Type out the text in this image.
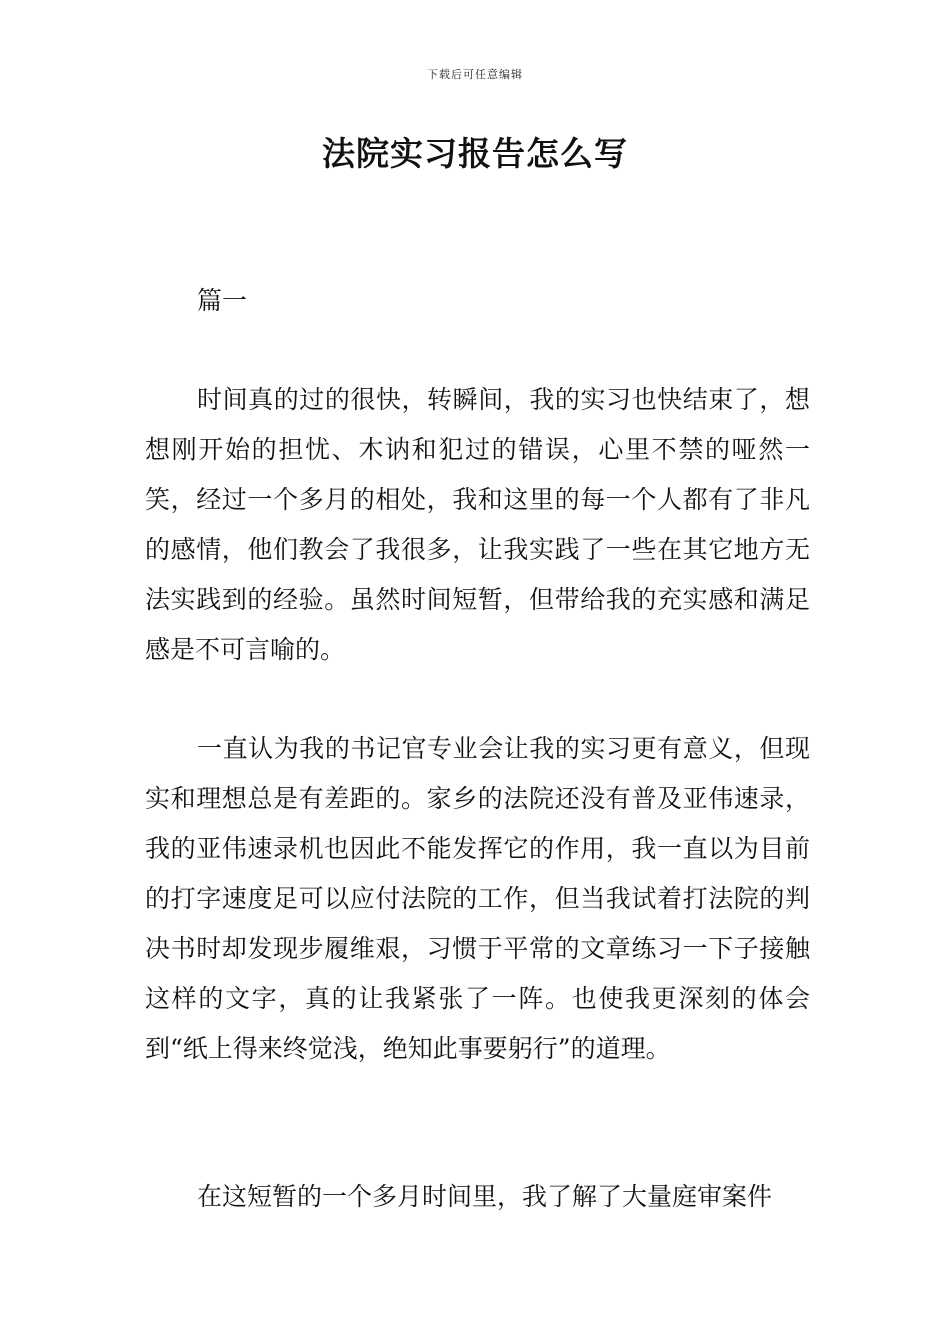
下载后可任意编辑
法院实习报告怎么写

篇一

时间真的过的很快，转瞬间，我的实习也快结束了，想想刚开始的担忧、木讷和犯过的错误，心里不禁的哑然一笑，经过一个多月的相处，我和这里的每一个人都有了非凡的感情，他们教会了我很多，让我实践了一些在其它地方无法实践到的经验。虽然时间短暂，但带给我的充实感和满足感是不可言喻的。

一直认为我的书记官专业会让我的实习更有意义，但现实和理想总是有差距的。家乡的法院还没有普及亚伟速录，我的亚伟速录机也因此不能发挥它的作用，我一直以为目前的打字速度足可以应付法院的工作，但当我试着打法院的判决书时却发现步履维艰，习惯于平常的文章练习一下子接触这样的文字，真的让我紧张了一阵。也使我更深刻的体会到“纸上得来终觉浅，绝知此事要躬行”的道理。

在这短暂的一个多月时间里，我了解了大量庭审案件
